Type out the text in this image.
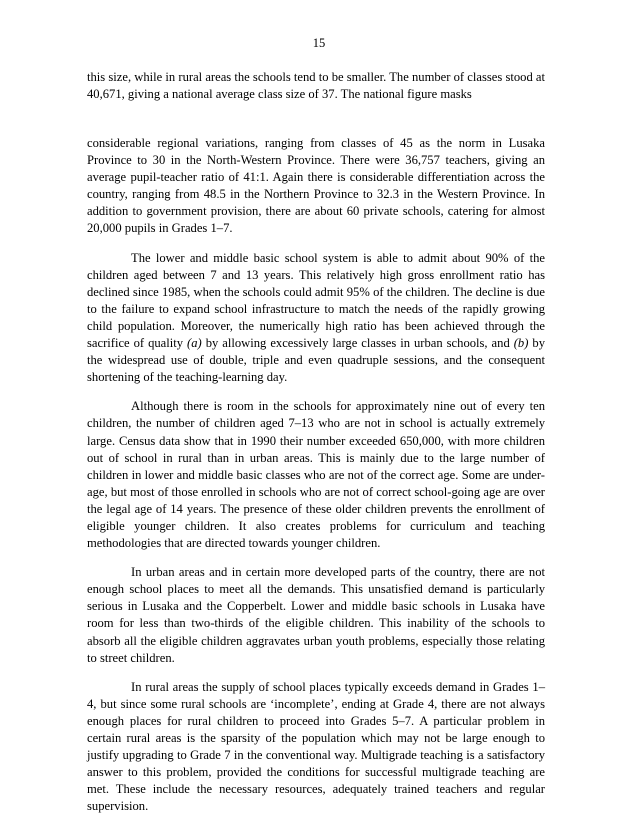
15

this size, while in rural areas the schools tend to be smaller. The number of classes stood at 40,671, giving a national average class size of 37. The national figure masks

considerable regional variations, ranging from classes of 45 as the norm in Lusaka Province to 30 in the North-Western Province. There were 36,757 teachers, giving an average pupil-teacher ratio of 41:1. Again there is considerable differentiation across the country, ranging from 48.5 in the Northern Province to 32.3 in the Western Province. In addition to government provision, there are about 60 private schools, catering for almost 20,000 pupils in Grades 1–7.

The lower and middle basic school system is able to admit about 90% of the children aged between 7 and 13 years. This relatively high gross enrollment ratio has declined since 1985, when the schools could admit 95% of the children. The decline is due to the failure to expand school infrastructure to match the needs of the rapidly growing child population. Moreover, the numerically high ratio has been achieved through the sacrifice of quality (a) by allowing excessively large classes in urban schools, and (b) by the widespread use of double, triple and even quadruple sessions, and the consequent shortening of the teaching-learning day.

Although there is room in the schools for approximately nine out of every ten children, the number of children aged 7–13 who are not in school is actually extremely large. Census data show that in 1990 their number exceeded 650,000, with more children out of school in rural than in urban areas. This is mainly due to the large number of children in lower and middle basic classes who are not of the correct age. Some are under-age, but most of those enrolled in schools who are not of correct school-going age are over the legal age of 14 years. The presence of these older children prevents the enrollment of eligible younger children. It also creates problems for curriculum and teaching methodologies that are directed towards younger children.

In urban areas and in certain more developed parts of the country, there are not enough school places to meet all the demands. This unsatisfied demand is particularly serious in Lusaka and the Copperbelt. Lower and middle basic schools in Lusaka have room for less than two-thirds of the eligible children. This inability of the schools to absorb all the eligible children aggravates urban youth problems, especially those relating to street children.

In rural areas the supply of school places typically exceeds demand in Grades 1–4, but since some rural schools are ‘incomplete’, ending at Grade 4, there are not always enough places for rural children to proceed into Grades 5–7. A particular problem in certain rural areas is the sparsity of the population which may not be large enough to justify upgrading to Grade 7 in the conventional way. Multigrade teaching is a satisfactory answer to this problem, provided the conditions for successful multigrade teaching are met. These include the necessary resources, adequately trained teachers and regular supervision.
